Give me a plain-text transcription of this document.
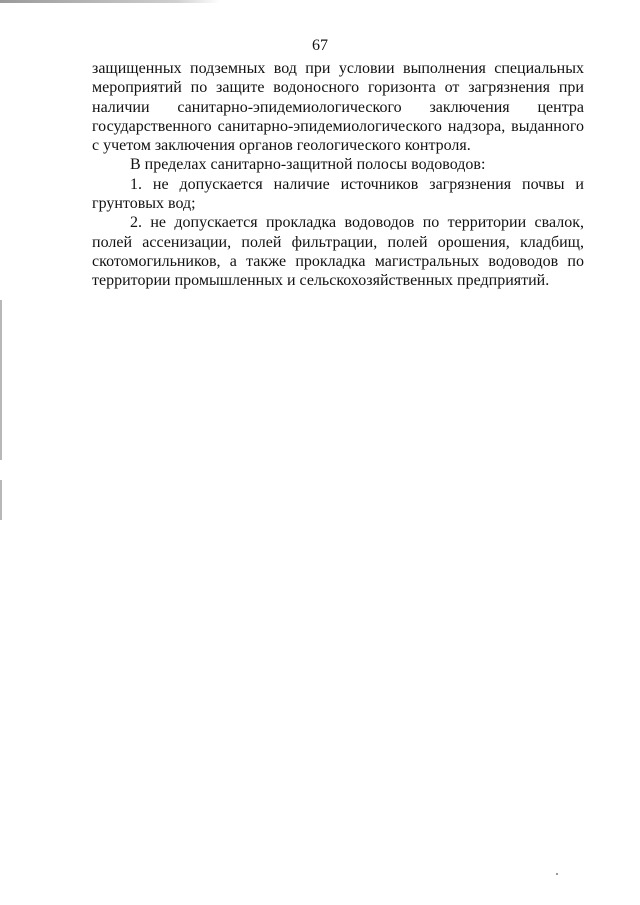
67

защищенных подземных вод при условии выполнения специальных мероприятий по защите водоносного горизонта от загрязнения при наличии санитарно-эпидемиологического заключения центра государственного санитарно-эпидемиологического надзора, выданного с учетом заключения органов геологического контроля.

В пределах санитарно-защитной полосы водоводов:

1. не допускается наличие источников загрязнения почвы и грунтовых вод;

2. не допускается прокладка водоводов по территории свалок, полей ассенизации, полей фильтрации, полей орошения, кладбищ, скотомогильников, а также прокладка магистральных водоводов по территории промышленных и сельскохозяйственных предприятий.
